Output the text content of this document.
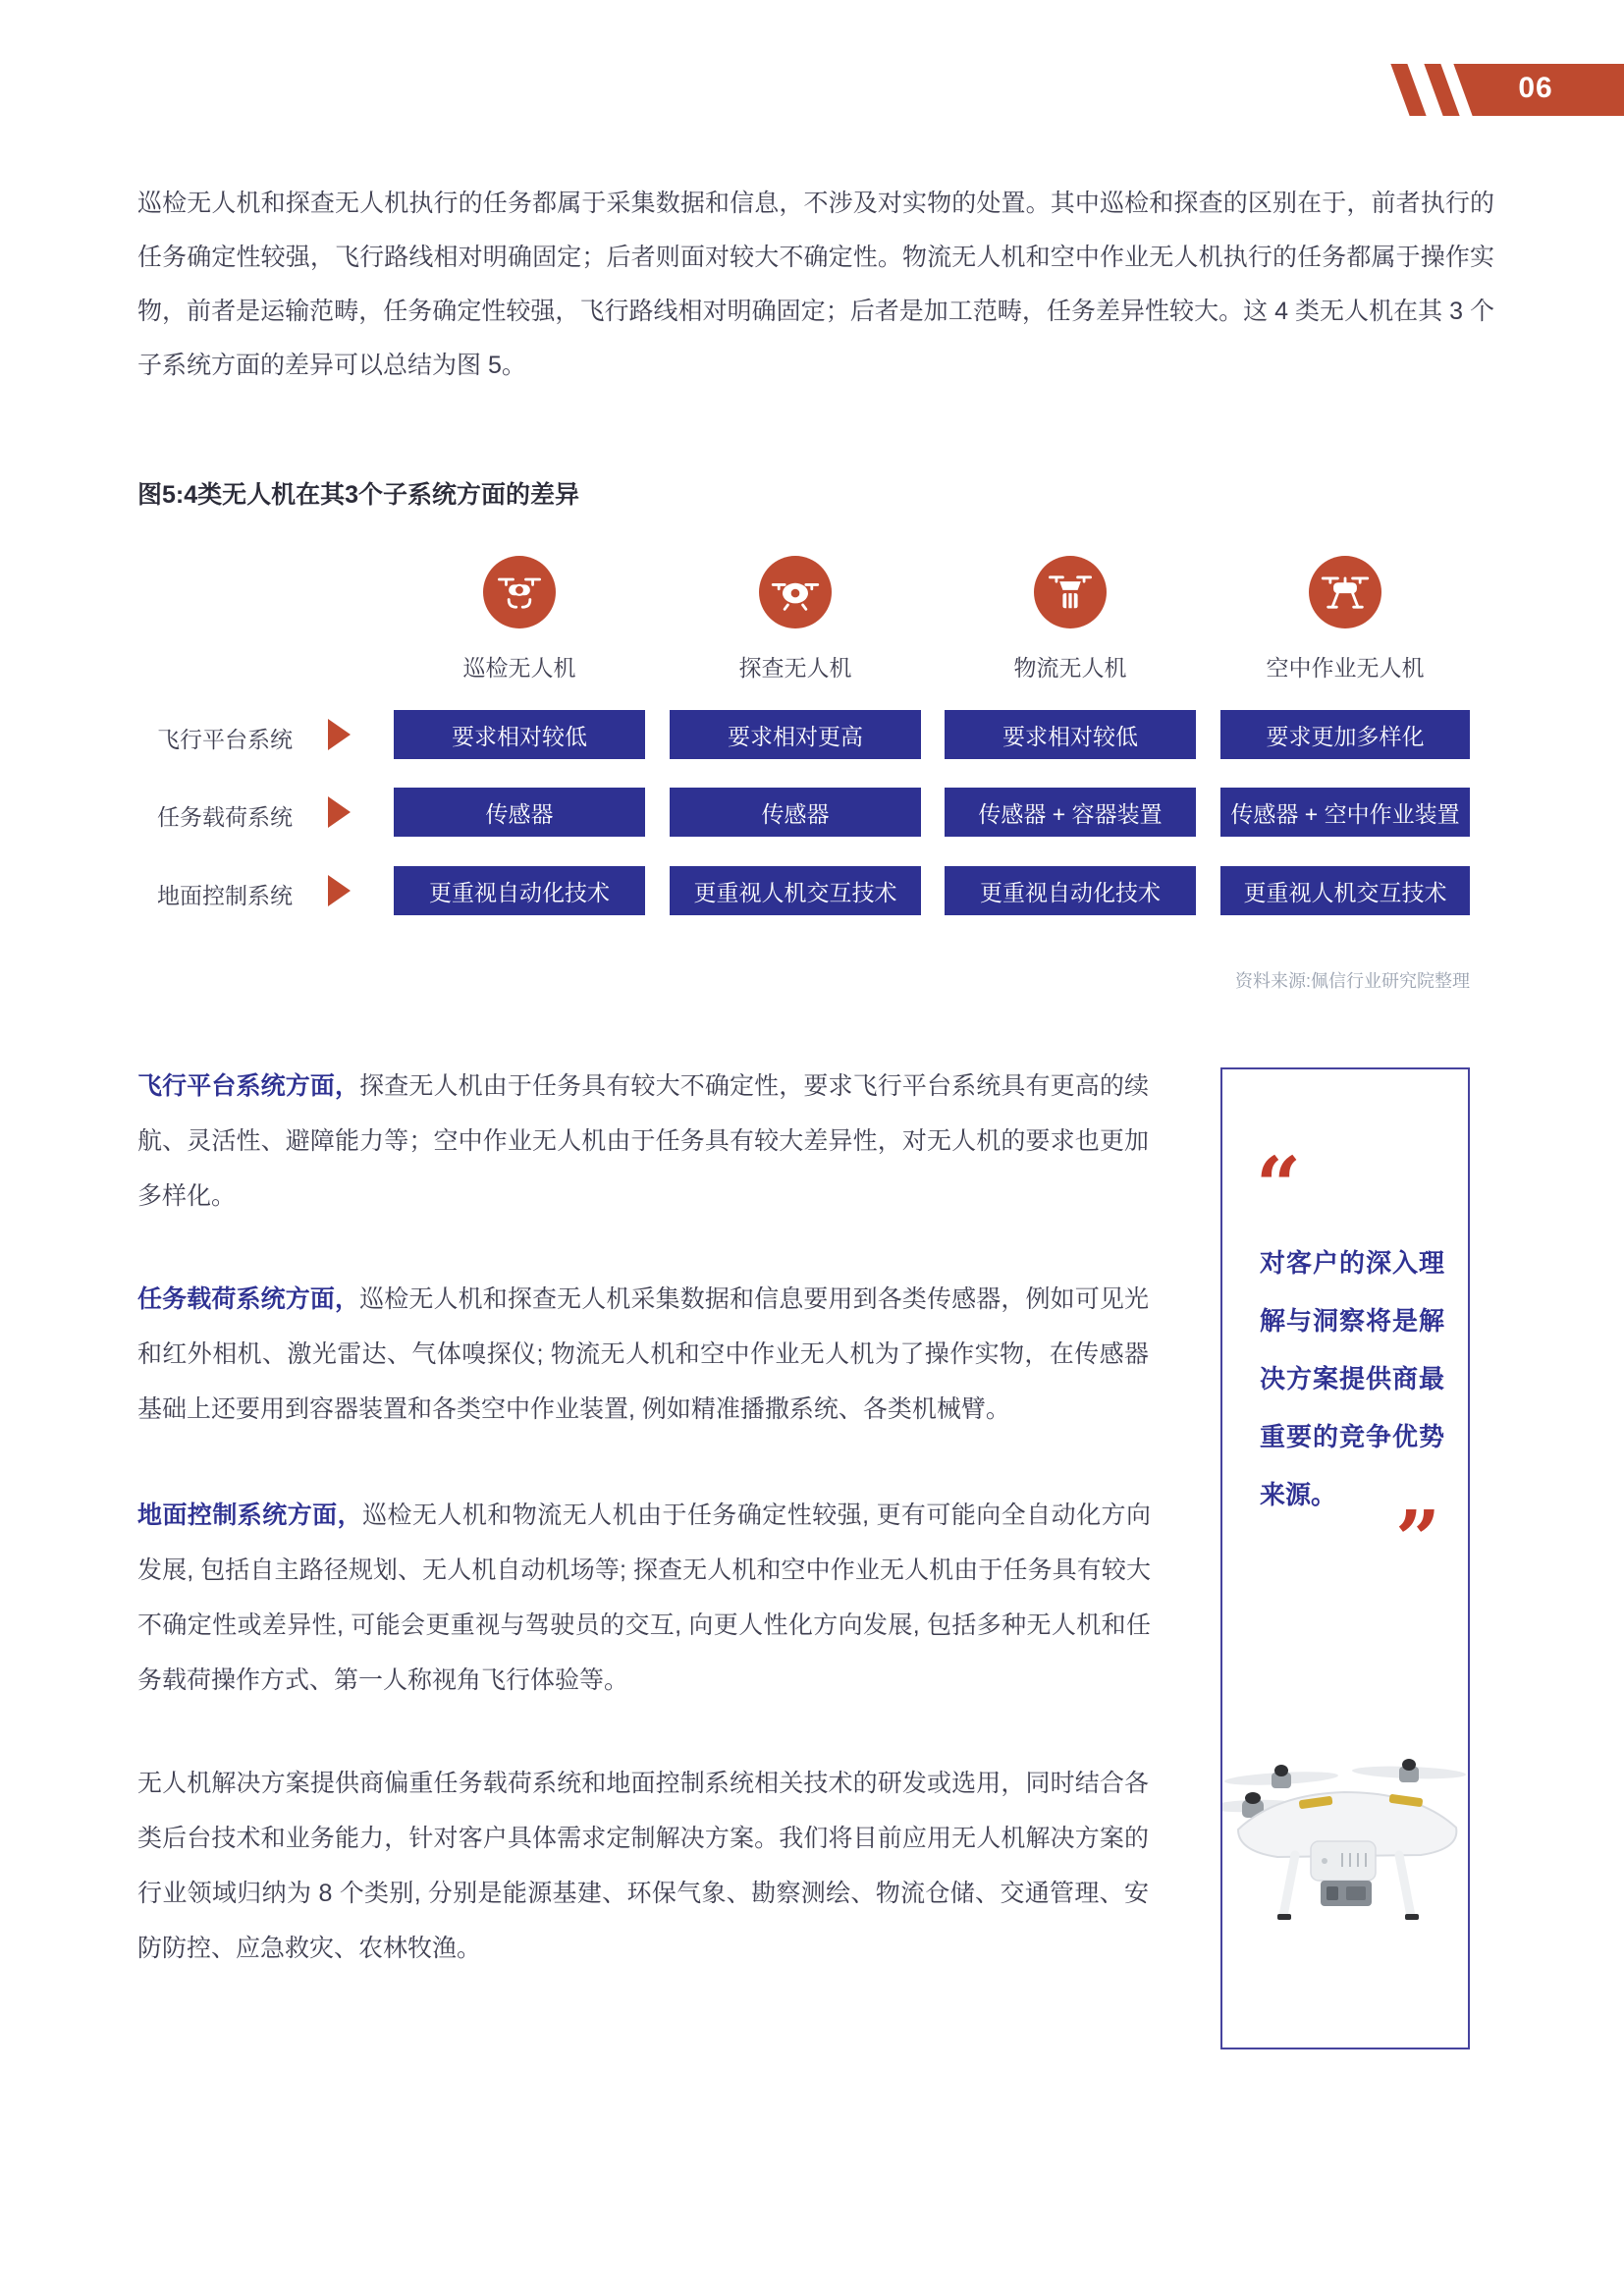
06

巡检无人机和探查无人机执行的任务都属于采集数据和信息，不涉及对实物的处置。其中巡检和探查的区别在于，前者执行的任务确定性较强，飞行路线相对明确固定；后者则面对较大不确定性。物流无人机和空中作业无人机执行的任务都属于操作实物，前者是运输范畴，任务确定性较强，飞行路线相对明确固定；后者是加工范畴，任务差异性较大。这 4 类无人机在其 3 个子系统方面的差异可以总结为图 5。

图5:4类无人机在其3个子系统方面的差异
巡检无人机	探查无人机	物流无人机	空中作业无人机
飞行平台系统	要求相对较低	要求相对更高	要求相对较低	要求更加多样化
任务载荷系统	传感器	传感器	传感器 + 容器装置	传感器 + 空中作业装置
地面控制系统	更重视自动化技术	更重视人机交互技术	更重视自动化技术	更重视人机交互技术
资料来源:佩信行业研究院整理

飞行平台系统方面，探查无人机由于任务具有较大不确定性，要求飞行平台系统具有更高的续航、灵活性、避障能力等；空中作业无人机由于任务具有较大差异性，对无人机的要求也更加多样化。

任务载荷系统方面，巡检无人机和探查无人机采集数据和信息要用到各类传感器，例如可见光和红外相机、激光雷达、气体嗅探仪; 物流无人机和空中作业无人机为了操作实物，在传感器基础上还要用到容器装置和各类空中作业装置, 例如精准播撒系统、各类机械臂。

地面控制系统方面，巡检无人机和物流无人机由于任务确定性较强, 更有可能向全自动化方向发展, 包括自主路径规划、无人机自动机场等; 探查无人机和空中作业无人机由于任务具有较大不确定性或差异性, 可能会更重视与驾驶员的交互, 向更人性化方向发展, 包括多种无人机和任务载荷操作方式、第一人称视角飞行体验等。

无人机解决方案提供商偏重任务载荷系统和地面控制系统相关技术的研发或选用，同时结合各类后台技术和业务能力，针对客户具体需求定制解决方案。我们将目前应用无人机解决方案的行业领域归纳为 8 个类别, 分别是能源基建、环保气象、勘察测绘、物流仓储、交通管理、安防防控、应急救灾、农林牧渔。

“
对客户的深入理解与洞察将是解决方案提供商最重要的竞争优势来源。 ”
